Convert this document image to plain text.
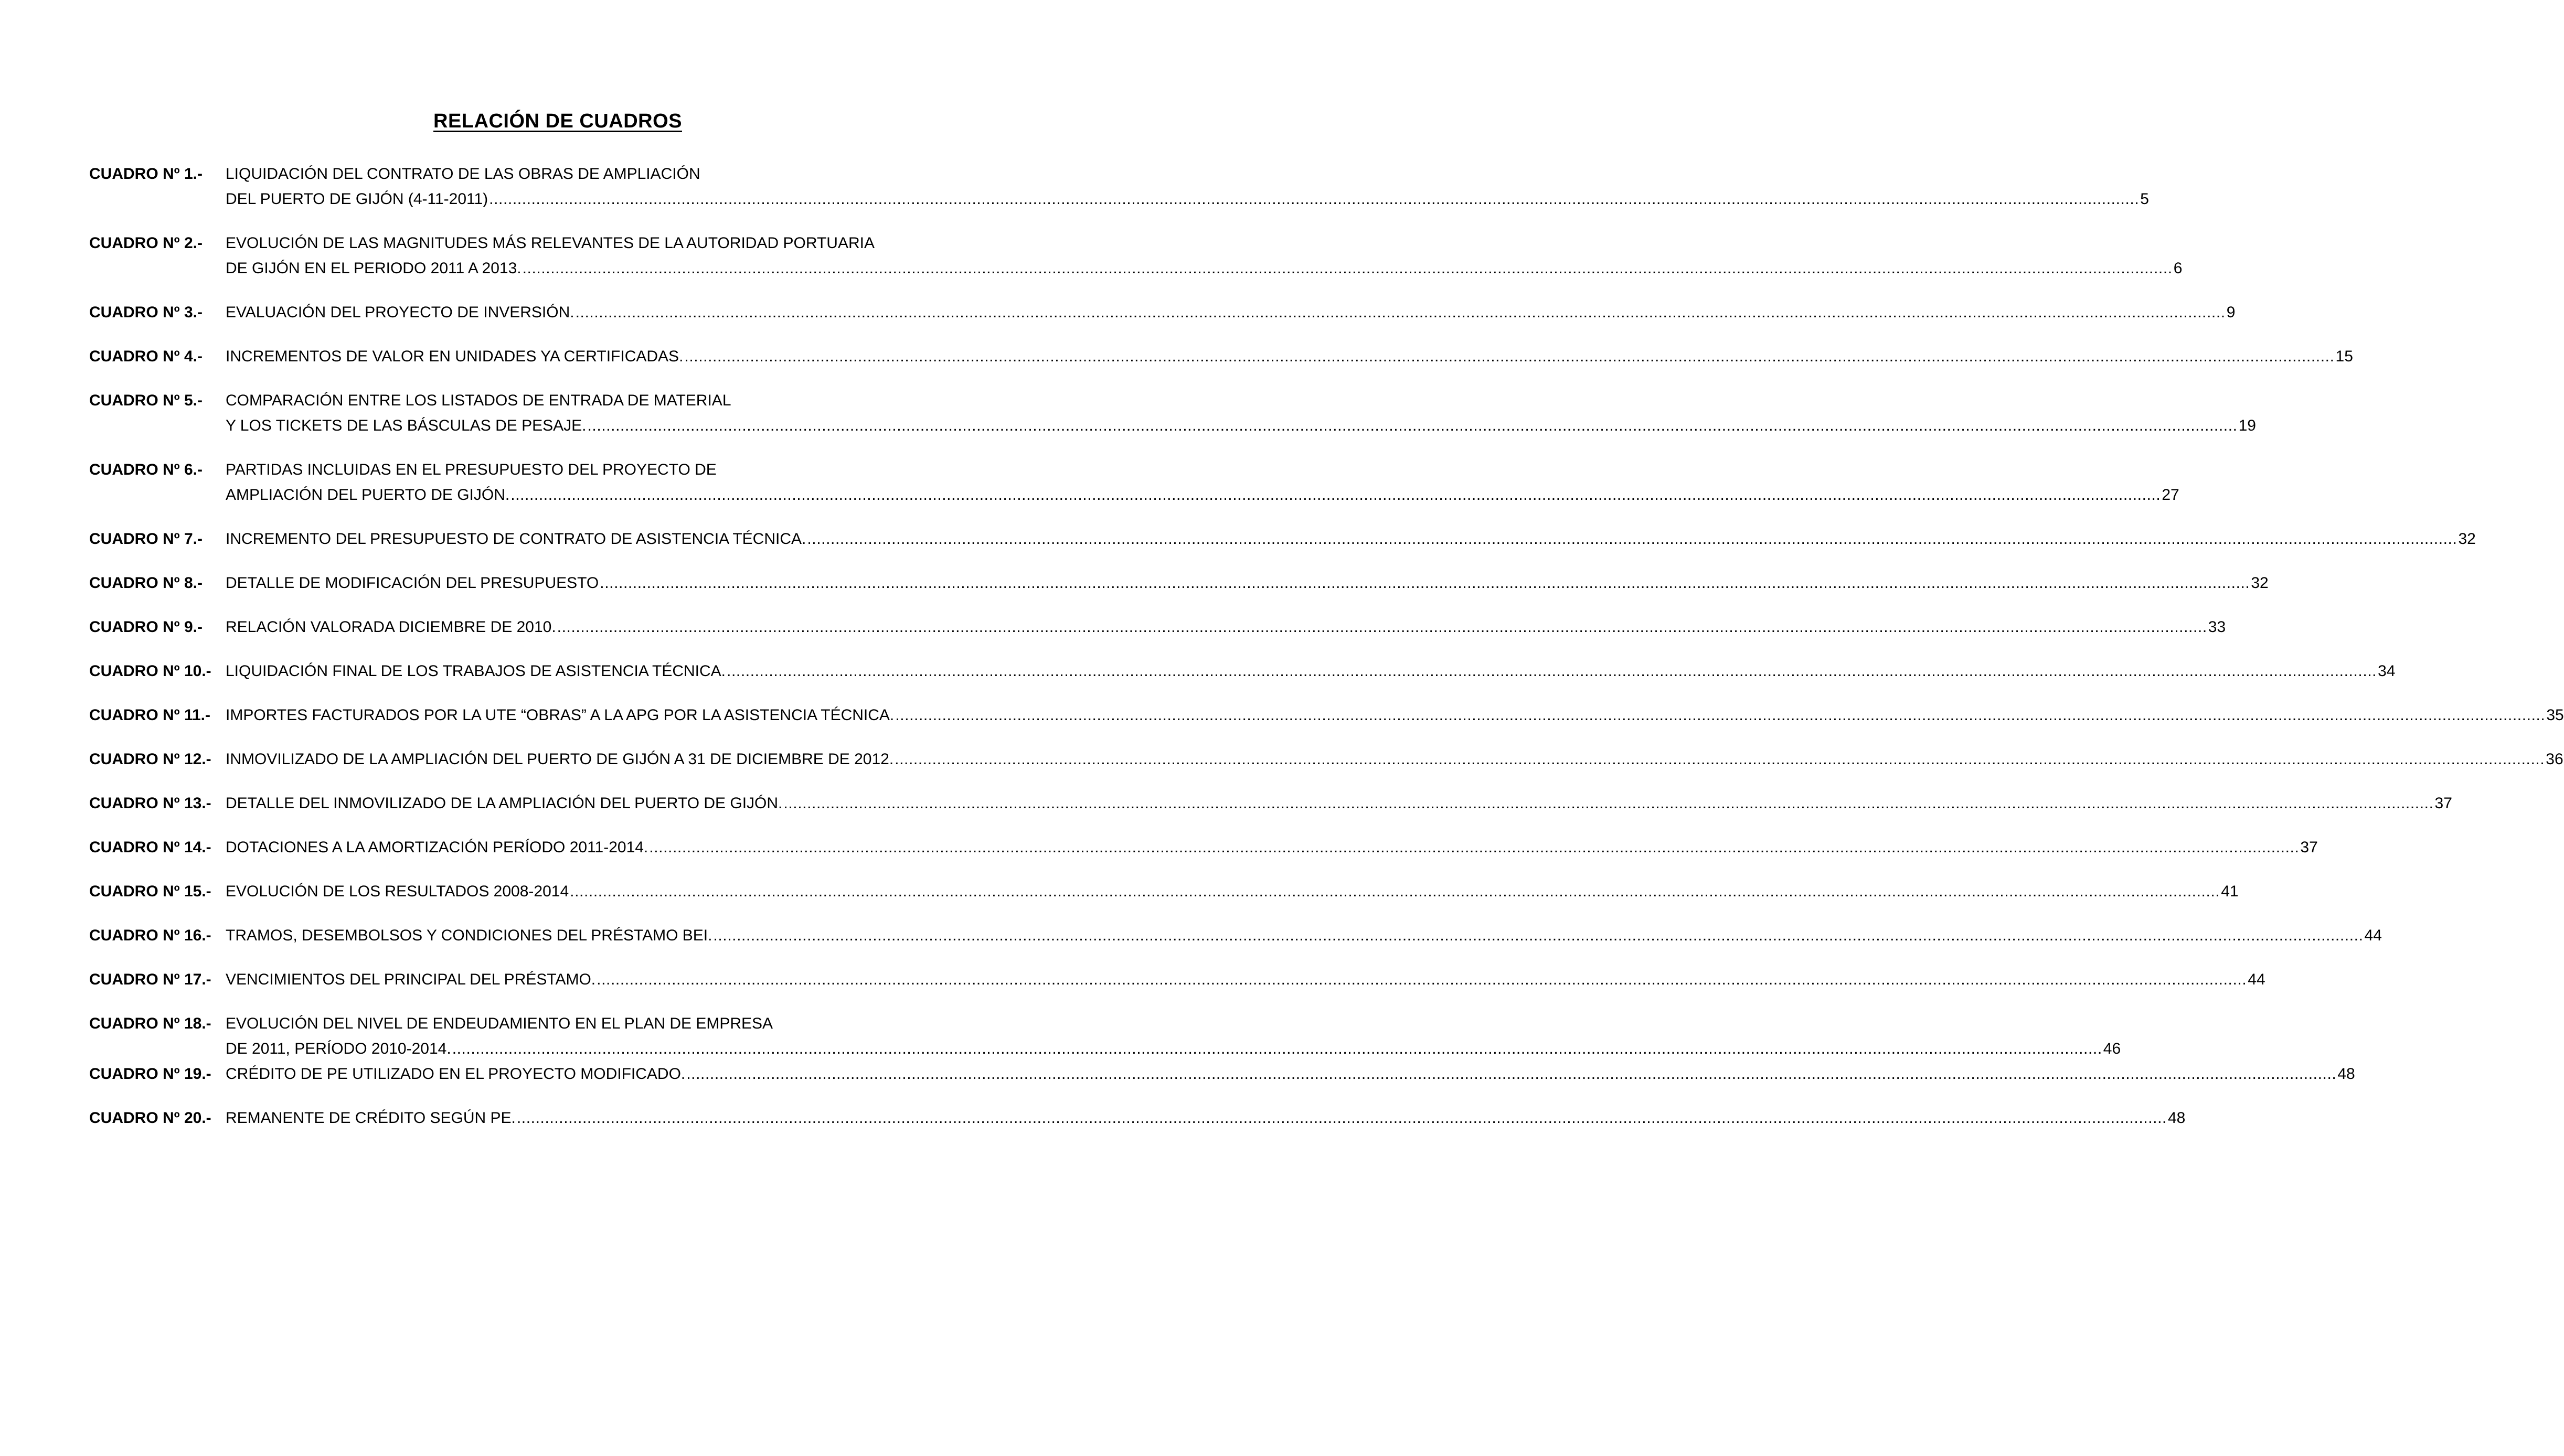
RELACIÓN DE CUADROS
CUADRO Nº 1.-	LIQUIDACIÓN DEL CONTRATO DE LAS OBRAS DE AMPLIACIÓN
DEL PUERTO DE GIJÓN (4-11-2011) .....	5
CUADRO Nº 2.-	EVOLUCIÓN DE LAS MAGNITUDES MÁS RELEVANTES DE LA AUTORIDAD PORTUARIA
DE GIJÓN EN EL PERIODO 2011 A 2013. .....	6
CUADRO Nº 3.-	EVALUACIÓN DEL PROYECTO DE INVERSIÓN. .....	9
CUADRO Nº 4.-	INCREMENTOS DE VALOR EN UNIDADES YA CERTIFICADAS. .....	15
CUADRO Nº 5.-	COMPARACIÓN ENTRE LOS LISTADOS DE ENTRADA DE MATERIAL
Y LOS TICKETS DE LAS BÁSCULAS DE PESAJE. .....	19
CUADRO Nº 6.-	PARTIDAS INCLUIDAS EN EL PRESUPUESTO DEL PROYECTO DE
AMPLIACIÓN DEL PUERTO DE GIJÓN. .....	27
CUADRO Nº 7.-	INCREMENTO DEL PRESUPUESTO DE CONTRATO DE ASISTENCIA TÉCNICA. .....	32
CUADRO Nº 8.-	DETALLE DE MODIFICACIÓN DEL PRESUPUESTO .....	32
CUADRO Nº 9.-	RELACIÓN VALORADA DICIEMBRE DE 2010. .....	33
CUADRO Nº 10.- LIQUIDACIÓN FINAL DE LOS TRABAJOS DE ASISTENCIA TÉCNICA. .....	34
CUADRO Nº 11.- IMPORTES FACTURADOS POR LA UTE “OBRAS” A LA APG POR LA ASISTENCIA TÉCNICA. .....	35
CUADRO Nº 12.- INMOVILIZADO DE LA AMPLIACIÓN DEL PUERTO DE GIJÓN A 31 DE DICIEMBRE DE 2012. .....	36
CUADRO Nº 13.- DETALLE DEL INMOVILIZADO DE LA AMPLIACIÓN DEL PUERTO DE GIJÓN. .....	37
CUADRO Nº 14.- DOTACIONES A LA AMORTIZACIÓN PERÍODO 2011-2014. .....	37
CUADRO Nº 15.- EVOLUCIÓN DE LOS RESULTADOS 2008-2014 .....	41
CUADRO Nº 16.- TRAMOS, DESEMBOLSOS Y CONDICIONES DEL PRÉSTAMO BEI. .....	44
CUADRO Nº 17.- VENCIMIENTOS DEL PRINCIPAL DEL PRÉSTAMO. .....	44
CUADRO Nº 18.- EVOLUCIÓN DEL NIVEL DE ENDEUDAMIENTO EN EL PLAN DE EMPRESA
DE 2011, PERÍODO 2010-2014. .....	46
CUADRO Nº 19.- CRÉDITO DE PE UTILIZADO EN EL PROYECTO MODIFICADO. .....	48
CUADRO Nº 20.- REMANENTE DE CRÉDITO SEGÚN PE. .....	48
